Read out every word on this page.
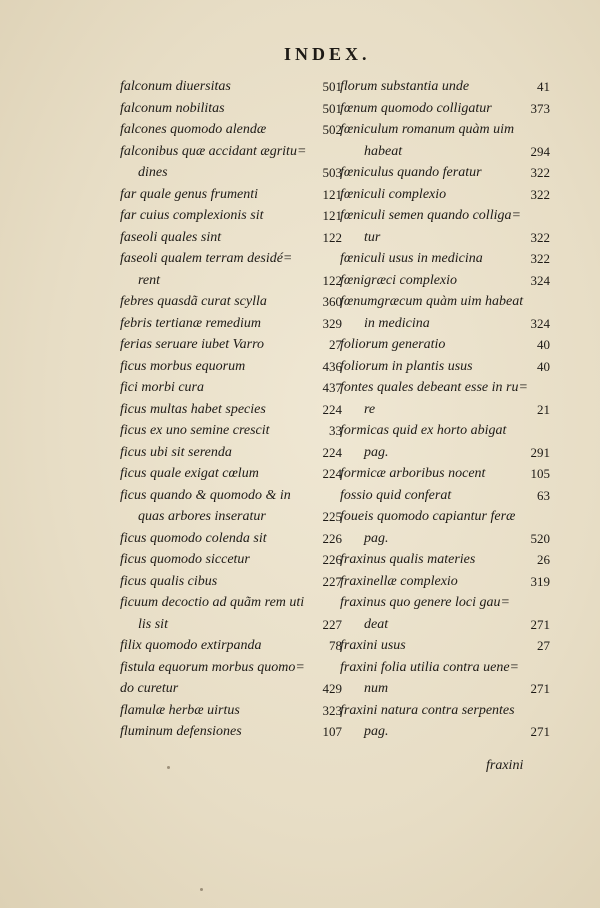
INDEX.
falconum diuersitas	501
falconum nobilitas	501
falcones quomodo alendæ	502
falconibus quæ accidant ægritu=
dines	503
far quale genus frumenti	121
far cuius complexionis sit	121
faseoli quales sint	122
faseoli qualem terram desidé=
rent	122
febres quasdã curat scylla	360
febris tertianæ remedium	329
ferias seruare iubet Varro	27
ficus morbus equorum	436
fici morbi cura	437
ficus multas habet species	224
ficus ex uno semine crescit	33
ficus ubi sit serenda	224
ficus quale exigat cœlum	224
ficus quando & quomodo & in
quas arbores inseratur	225
ficus quomodo colenda sit	226
ficus quomodo siccetur	226
ficus qualis cibus	227
ficuum decoctio ad quãm rem uti
lis sit	227
filix quomodo extirpanda	78
fistula equorum morbus quomo=
do curetur	429
flamulæ herbæ uirtus	323
fluminum defensiones	107
florum substantia unde	41
fœnum quomodo colligatur	373
fœniculum romanum quàm uim
habeat	294
fœniculus quando feratur	322
fœniculi complexio	322
fœniculi semen quando colliga=
tur	322
fœniculi usus in medicina	322
fœnigræci complexio	324
fœnumgræcum quàm uim habeat
in medicina	324
foliorum generatio	40
foliorum in plantis usus	40
fontes quales debeant esse in ru=
re	21
formicas quid ex horto abigat
pag.	291
formicæ arboribus nocent	105
fossio quid conferat	63
foueis quomodo capiantur feræ
pag.	520
fraxinus qualis materies	26
fraxinellæ complexio	319
fraxinus quo genere loci gau=
deat	271
fraxini usus	27
fraxini folia utilia contra uene=
num	271
fraxini natura contra serpentes
pag.	271
fraxini
